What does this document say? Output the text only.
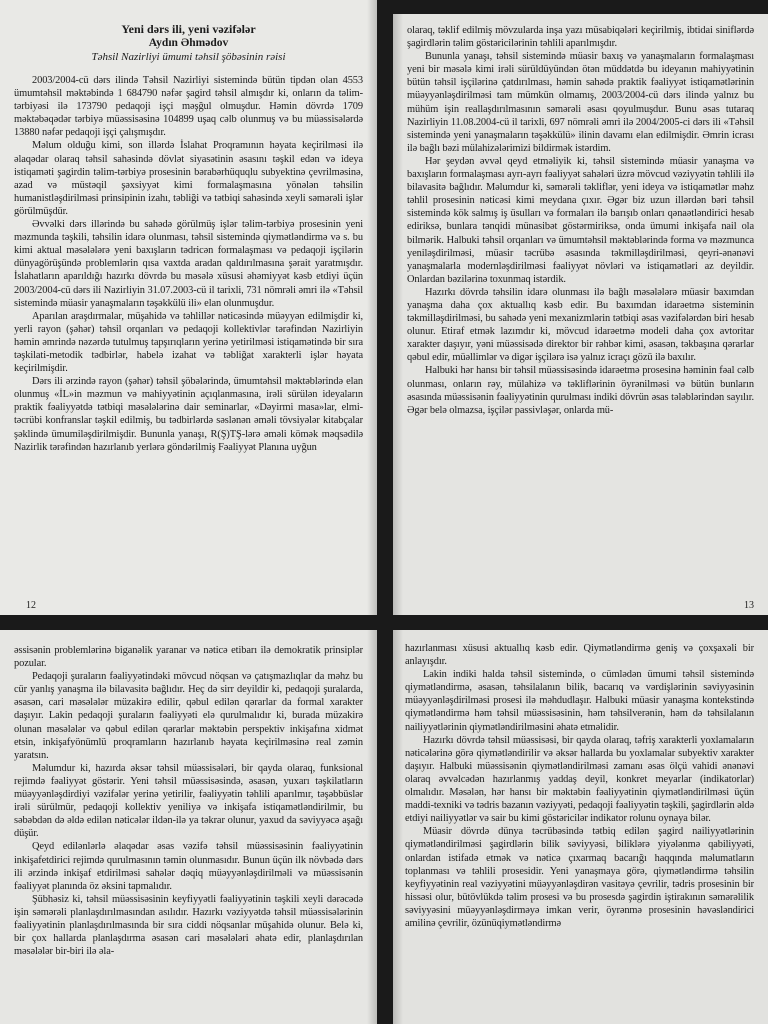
Yeni dərs ili, yeni vəzifələr
Aydın Əhmədov
Təhsil Nazirliyi ümumi təhsil şöbəsinin rəisi

2003/2004-cü dərs ilində Təhsil Nazirliyi sistemində bütün tipdən olan 4553 ümumtəhsil məktəbində 1 684790 nəfər şagird təhsil almışdır ki, onların da təlim-tərbiyəsi ilə 173790 pedaqoji işçi məşğul olmuşdur. Həmin dövrdə 1709 məktəbəqədər tərbiyə müəssisəsinə 104899 uşaq cəlb olunmuş və bu müəssisələrdə 13880 nəfər pedaqoji işçi çalışmışdır.

Məlum olduğu kimi, son illərdə İslahat Proqramının həyata keçirilməsi ilə əlaqədar olaraq təhsil sahəsində dövlət siyasətinin əsasını təşkil edən və ideya istiqaməti şagirdin təlim-tərbiyə prosesinin bərabərhüquqlu subyektinə çevrilməsinə, azad və müstəqil şəxsiyyət kimi formalaşmasına yönələn təhsilin humanistləşdirilməsi prinsipinin izahı, təbliği və tətbiqi sahəsində xeyli səmərəli işlər görülmüşdür.

Əvvəlki dərs illərində bu sahədə görülmüş işlər təlim-tərbiyə prosesinin yeni məzmunda təşkili, təhsilin idarə olunması, təhsil sistemində qiymətləndirmə və s. bu kimi aktual məsələlərə yeni baxışların tədricən formalaşması və pedaqoji işçilərin dünyagörüşündə problemlərin qısa vaxtda aradan qaldırılmasına şərait yaratmışdır. İslahatların aparıldığı hazırkı dövrdə bu məsələ xüsusi əhəmiyyət kəsb etdiyi üçün 2003/2004-cü dərs ili Nazirliyin 31.07.2003-cü il tarixli, 731 nömrəli əmri ilə «Təhsil sistemində müasir yanaşmaların təşəkkülü ili» elan olunmuşdur.

Aparılan araşdırmalar, müşahidə və təhlillər nəticəsində müəyyən edilmişdir ki, yerli rayon (şəhər) təhsil orqanları və pedaqoji kollektivlər tərəfindən Nazirliyin həmin əmrində nəzərdə tutulmuş tapşırıqların yerinə yetirilməsi istiqamətində bir sıra təşkilati-metodik tədbirlər, habelə izahat və təbliğat xarakterli işlər həyata keçirilmişdir.

Dərs ili ərzində rayon (şəhər) təhsil şöbələrində, ümumtəhsil məktəblərində elan olunmuş «İL»in məzmun və mahiyyətinin açıqlanmasına, irəli sürülən ideyaların praktik fəaliyyətdə tətbiqi məsələlərinə dair seminarlar, «Dəyirmi masa»lar, elmi-təcrübi konfranslar təşkil edilmiş, bu tədbirlərdə səslənən əməli tövsiyələr kitabçalar şəklində ümumiləşdirilmişdir. Bununla yanaşı, R(Ş)TŞ-lərə əməli kömək məqsədilə Nazirlik tərəfindən hazırlanıb yerlərə göndərilmiş Fəaliyyət Planına uyğun

12

olaraq, təklif edilmiş mövzularda inşa yazı müsabiqələri keçirilmiş, ibtidai siniflərdə şagirdlərin təlim göstəricilərinin təhlili aparılmışdır.

Bununla yanaşı, təhsil sistemində müasir baxış və yanaşmaların formalaşması yeni bir məsələ kimi irəli sürüldüyündən ötən müddətdə bu ideyanın mahiyyətinin bütün təhsil işçilərinə çatdırılması, həmin sahədə praktik fəaliyyət istiqamətlərinin müəyyənləşdirilməsi tam mümkün olmamış, 2003/2004-cü dərs ilində yalnız bu mühüm işin reallaşdırılmasının səmərəli əsası qoyulmuşdur. Bunu əsas tutaraq Nazirliyin 11.08.2004-cü il tarixli, 697 nömrəli əmri ilə 2004/2005-ci dərs ili «Təhsil sistemində yeni yanaşmaların təşəkkülü» ilinin davamı elan edilmişdir. Əmrin icrası ilə bağlı bəzi mülahizələrimizi bildirmək istərdim.

Hər şeydən əvvəl qeyd etməliyik ki, təhsil sistemində müasir yanaşma və baxışların formalaşması ayrı-ayrı fəaliyyət sahələri üzrə mövcud vəziyyətin təhlili ilə bilavasitə bağlıdır. Məlumdur ki, səmərəli təkliflər, yeni ideya və istiqamətlər məhz təhlil prosesinin nəticəsi kimi meydana çıxır. Əgər biz uzun illərdən bəri təhsil sistemində kök salmış iş üsulları və formaları ilə barışıb onları qənaətləndirici hesab ediriksə, bunlara tənqidi münasibət göstərmiriksə, onda ümumi inkişafa nail ola bilmərik. Halbuki təhsil orqanları və ümumtəhsil məktəblərində forma və məzmunca yeniləşdirilməsi, müasir təcrübə əsasında təkmilləşdirilməsi, qeyri-ənənəvi yanaşmalarla modernləşdirilməsi fəaliyyət növləri və istiqamətləri az deyildir. Onlardan bəzilərinə toxunmaq istərdik.

Hazırkı dövrdə təhsilin idarə olunması ilə bağlı məsələlərə müasir baxımdan yanaşma daha çox aktuallıq kəsb edir. Bu baxımdan idarəetmə sisteminin təkmilləşdirilməsi, bu sahədə yeni mexanizmlərin tətbiqi əsas vəzifələrdən biri hesab olunur. Etiraf etmək lazımdır ki, mövcud idarəetmə modeli daha çox avtoritar xarakter daşıyır, yəni müəssisədə direktor bir rəhbər kimi, əsasən, təkbaşına qərarlar qəbul edir, müəllimlər və digər işçilərə isə yalnız icraçı gözü ilə baxılır.

Halbuki hər hansı bir təhsil müəssisəsində idarəetmə prosesinə həminin fəal cəlb olunması, onların rəy, mülahizə və təkliflərinin öyrənilməsi və bütün bunların əsasında müəssisənin fəaliyyətinin qurulması indiki dövrün əsas tələblərindən sayılır. Əgər belə olmazsa, işçilər passivləşər, onlarda mü-

13

əssisənin problemlərinə biganəlik yaranar və nəticə etibarı ilə demokratik prinsiplər pozular.

Pedaqoji şuraların fəaliyyətindəki mövcud nöqsan və çatışmazlıqlar da məhz bu cür yanlış yanaşma ilə bilavasitə bağlıdır. Heç də sirr deyildir ki, pedaqoji şuralarda, əsasən, cari məsələlər müzakirə edilir, qəbul edilən qərarlar da formal xarakter daşıyır. Lakin pedaqoji şuraların fəaliyyəti elə qurulmalıdır ki, burada müzakirə olunan məsələlər və qəbul edilən qərarlar məktəbin perspektiv inkişafına xidmət etsin, inkişafyönümlü proqramların hazırlanıb həyata keçirilməsinə real zəmin yaratsın.

Məlumdur ki, hazırda əksər təhsil müəssisələri, bir qayda olaraq, funksional rejimdə fəaliyyət göstərir. Yeni təhsil müəssisəsində, əsasən, yuxarı təşkilatların müəyyənləşdirdiyi vəzifələr yerinə yetirilir, fəaliyyətin təhlili aparılmır, təşəbbüslər irəli sürülmür, pedaqoji kollektiv yeniliyə və inkişafa istiqamətləndirilmir, bu səbəbdən də əldə edilən nəticələr ildən-ilə ya təkrar olunur, yaxud da səviyyəcə aşağı düşür.

Qeyd edilənlərlə əlaqədar əsas vəzifə təhsil müəssisəsinin fəaliyyətinin inkişafetdirici rejimdə qurulmasının təmin olunmasıdır. Bunun üçün ilk növbədə dərs ili ərzində inkişaf etdirilməsi sahələr dəqiq müəyyənləşdirilməli və müəssisənin fəaliyyət planında öz əksini tapmalıdır.

Şübhəsiz ki, təhsil müəssisəsinin keyfiyyətli fəaliyyətinin təşkili xeyli dərəcədə işin səmərəli planlaşdırılmasından asılıdır. Hazırkı vəziyyətdə təhsil müəssisələrinin fəaliyyətinin planlaşdırılmasında bir sıra ciddi nöqsanlar müşahidə olunur. Belə ki, bir çox hallarda planlaşdırma əsasən cari məsələləri əhatə edir, planlaşdırılan məsələlər bir-biri ilə əla-

hazırlanması xüsusi aktuallıq kəsb edir. Qiymətləndirmə geniş və çoxşaxəli bir anlayışdır.

Lakin indiki halda təhsil sistemində, o cümlədən ümumi təhsil sistemində qiymətləndirmə, əsasən, təhsilalanın bilik, bacarıq və vərdişlərinin səviyyəsinin müəyyənləşdirilməsi prosesi ilə məhdudlaşır. Halbuki müasir yanaşma kontekstində qiymətləndirmə həm təhsil müəssisəsinin, həm təhsilverənin, həm də təhsilalanın nailiyyətlərinin qiymətləndirilməsini əhatə etməlidir.

Hazırkı dövrdə təhsil müəssisəsi, bir qayda olaraq, təfriş xarakterli yoxlamaların nəticələrinə görə qiymətləndirilir və əksər hallarda bu yoxlamalar subyektiv xarakter daşıyır. Halbuki müəssisənin qiymətləndirilməsi zamanı əsas ölçü vahidi ənənəvi olaraq əvvəlcədən hazırlanmış yaddaş deyil, konkret meyarlar (indikatorlar) olmalıdır. Məsələn, hər hansı bir məktəbin fəaliyyətinin qiymətləndirilməsi üçün maddi-texniki və tədris bazanın vəziyyəti, pedaqoji fəaliyyətin təşkili, şagirdlərin əldə etdiyi nailiyyətlər və sair bu kimi göstəricilər indikator rolunu oynaya bilər.

Müasir dövrdə dünya təcrübəsində tətbiq edilən şagird nailiyyətlərinin qiymətləndirilməsi şagirdlərin bilik səviyyəsi, biliklərə yiyələnmə qabiliyyəti, onlardan istifadə etmək və nəticə çıxarmaq bacarığı haqqında məlumatların toplanması və təhlili prosesidir. Yeni yanaşmaya görə, qiymətləndirmə təhsilin keyfiyyətinin real vəziyyətini müəyyənləşdirən vasitəyə çevrilir, tədris prosesinin bir hissəsi olur, bütövlükdə təlim prosesi və bu prosesdə şagirdin iştirakının səmərəlilik səviyyəsini müəyyənləşdirməyə imkan verir, öyrənmə prosesinin həvəsləndirici amilinə çevrilir, özünüqiymətləndirmə
